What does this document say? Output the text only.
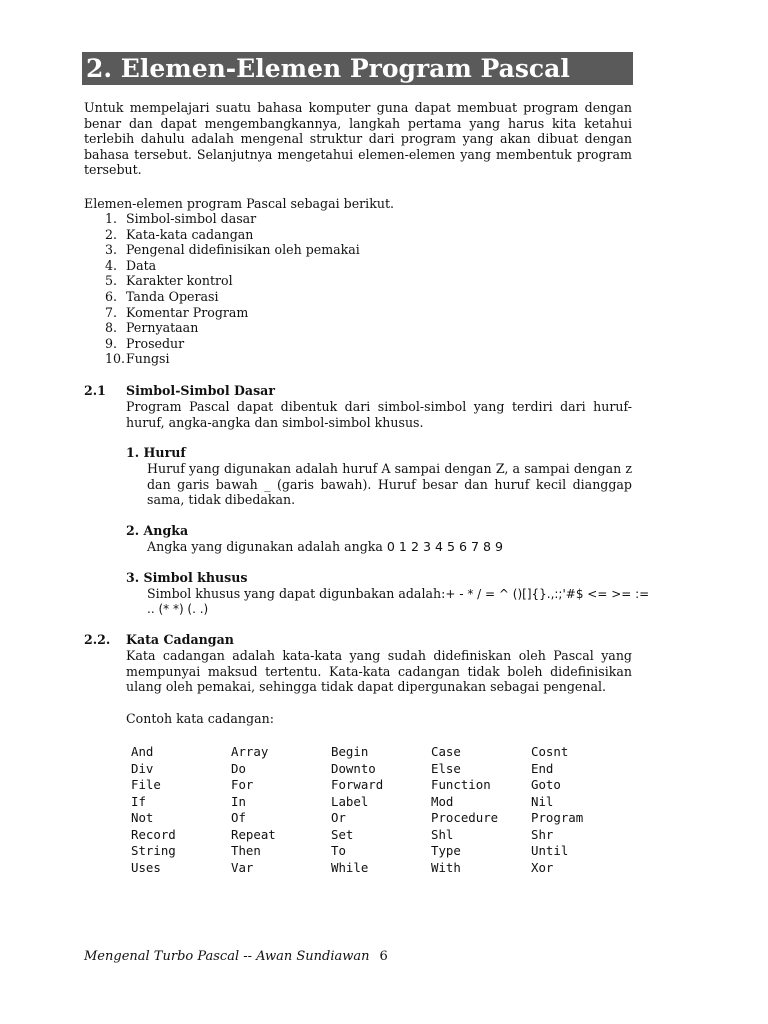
2. Elemen-Elemen Program Pascal
Untuk mempelajari suatu bahasa komputer guna dapat membuat program dengan benar dan dapat mengembangkannya, langkah pertama yang harus kita ketahui terlebih dahulu adalah mengenal struktur dari program yang akan dibuat dengan bahasa tersebut. Selanjutnya mengetahui elemen-elemen yang membentuk program tersebut.
Elemen-elemen program Pascal sebagai berikut.
1. Simbol-simbol dasar
2. Kata-kata cadangan
3. Pengenal didefinisikan oleh pemakai
4. Data
5. Karakter kontrol
6. Tanda Operasi
7. Komentar Program
8. Pernyataan
9. Prosedur
10. Fungsi
2.1 Simbol-Simbol Dasar
Program Pascal dapat dibentuk dari simbol-simbol yang terdiri dari huruf-huruf, angka-angka dan simbol-simbol khusus.
1. Huruf
Huruf yang digunakan adalah huruf A sampai dengan Z, a sampai dengan z dan garis bawah _ (garis bawah). Huruf besar dan huruf kecil dianggap sama, tidak dibedakan.
2. Angka
Angka yang digunakan adalah angka 0 1 2 3 4 5 6 7 8 9
3. Simbol khusus
Simbol khusus yang dapat digunbakan adalah:+ - * / = ^ ()[]{}.,:;'#$ <= >= :=
.. (* *) (. .)
2.2. Kata Cadangan
Kata cadangan adalah kata-kata yang sudah didefiniskan oleh Pascal yang mempunyai maksud tertentu. Kata-kata cadangan tidak boleh didefinisikan ulang oleh pemakai, sehingga tidak dapat dipergunakan sebagai pengenal.
Contoh kata cadangan:
And	Array	Begin	Case	Cosnt
Div	Do	Downto	Else	End
File	For	Forward	Function	Goto
If	In	Label	Mod	Nil
Not	Of	Or	Procedure	Program
Record	Repeat	Set	Shl	Shr
String	Then	To	Type	Until
Uses	Var	While	With	Xor
Mengenal Turbo Pascal -- Awan Sundiawan 6
